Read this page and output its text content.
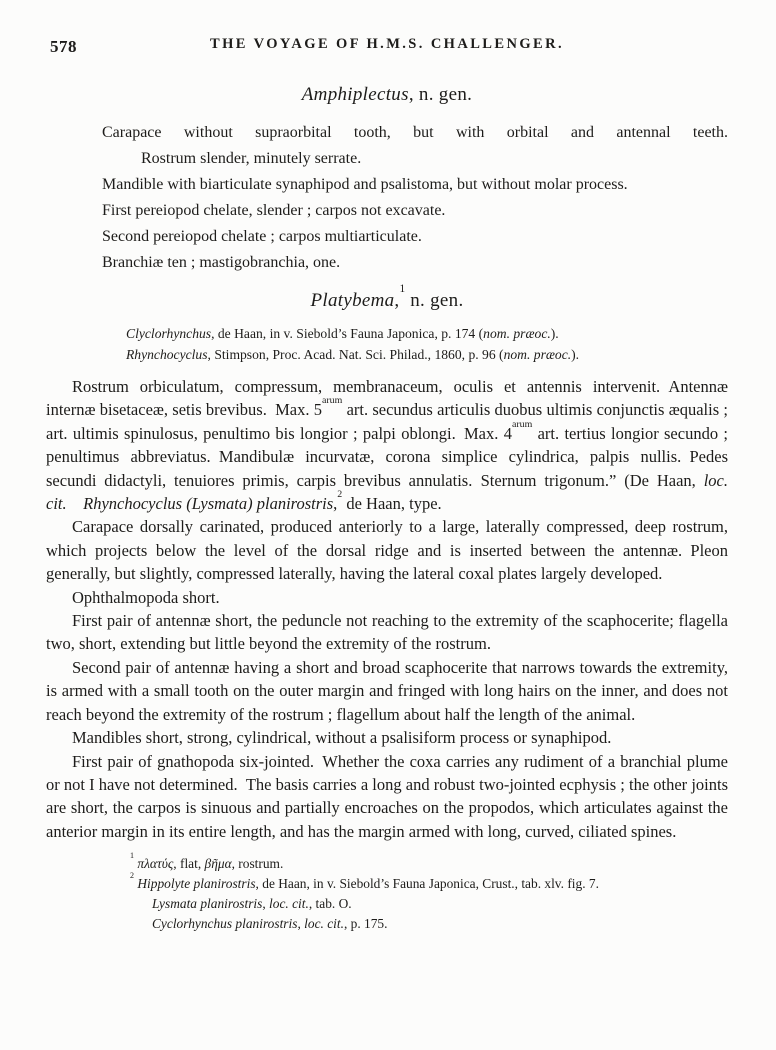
578	THE VOYAGE OF H.M.S. CHALLENGER.
Amphiplectus, n. gen.
Carapace without supraorbital tooth, but with orbital and antennal teeth.
Rostrum slender, minutely serrate.
Mandible with biarticulate synaphipod and psalistoma, but without molar process.
First pereiopod chelate, slender ; carpos not excavate.
Second pereiopod chelate ; carpos multiarticulate.
Branchiæ ten ; mastigobranchia, one.
Platybema,$^1$ n. gen.
Clyclorhynchus, de Haan, in v. Siebold’s Fauna Japonica, p. 174 (nom. præoc.).
Rhynchocyclus, Stimpson, Proc. Acad. Nat. Sci. Philad., 1860, p. 96 (nom. præoc.).

Rostrum orbiculatum, compressum, membranaceum, oculis et antennis intervenit. Antennæ internæ bisetaceæ, setis brevibus. Max. $5^{arum}$ art. secundus articulis duobus ultimis conjunctis æqualis ; art. ultimis spinulosus, penultimo bis longior ; palpi oblongi. Max. $4^{arum}$ art. tertius longior secundo ; penultimus abbreviatus. Mandibulæ incurvatæ, corona simplice cylindrica, palpis nullis. Pedes secundi didactyli, tenuiores primis, carpis brevibus annulatis. Sternum trigonum.” (De Haan, loc. cit.  Rhynchocyclus (Lysmata) planirostris,$^2$ de Haan, type.

Carapace dorsally carinated, produced anteriorly to a large, laterally compressed, deep rostrum, which projects below the level of the dorsal ridge and is inserted between the antennæ. Pleon generally, but slightly, compressed laterally, having the lateral coxal plates largely developed.

Ophthalmopoda short.

First pair of antennæ short, the peduncle not reaching to the extremity of the scaphocerite; flagella two, short, extending but little beyond the extremity of the rostrum.

Second pair of antennæ having a short and broad scaphocerite that narrows towards the extremity, is armed with a small tooth on the outer margin and fringed with long hairs on the inner, and does not reach beyond the extremity of the rostrum ; flagellum about half the length of the animal.

Mandibles short, strong, cylindrical, without a psalisiform process or synaphipod.

First pair of gnathopoda six-jointed. Whether the coxa carries any rudiment of a branchial plume or not I have not determined. The basis carries a long and robust two-jointed ecphysis ; the other joints are short, the carpos is sinuous and partially encroaches on the propodos, which articulates against the anterior margin in its entire length, and has the margin armed with long, curved, ciliated spines.

$^1$ πλατύς, flat, βῆμα, rostrum.
$^2$ Hippolyte planirostris, de Haan, in v. Siebold’s Fauna Japonica, Crust., tab. xlv. fig. 7.
Lysmata planirostris, loc. cit., tab. O.
Cyclorhynchus planirostris, loc. cit., p. 175.
